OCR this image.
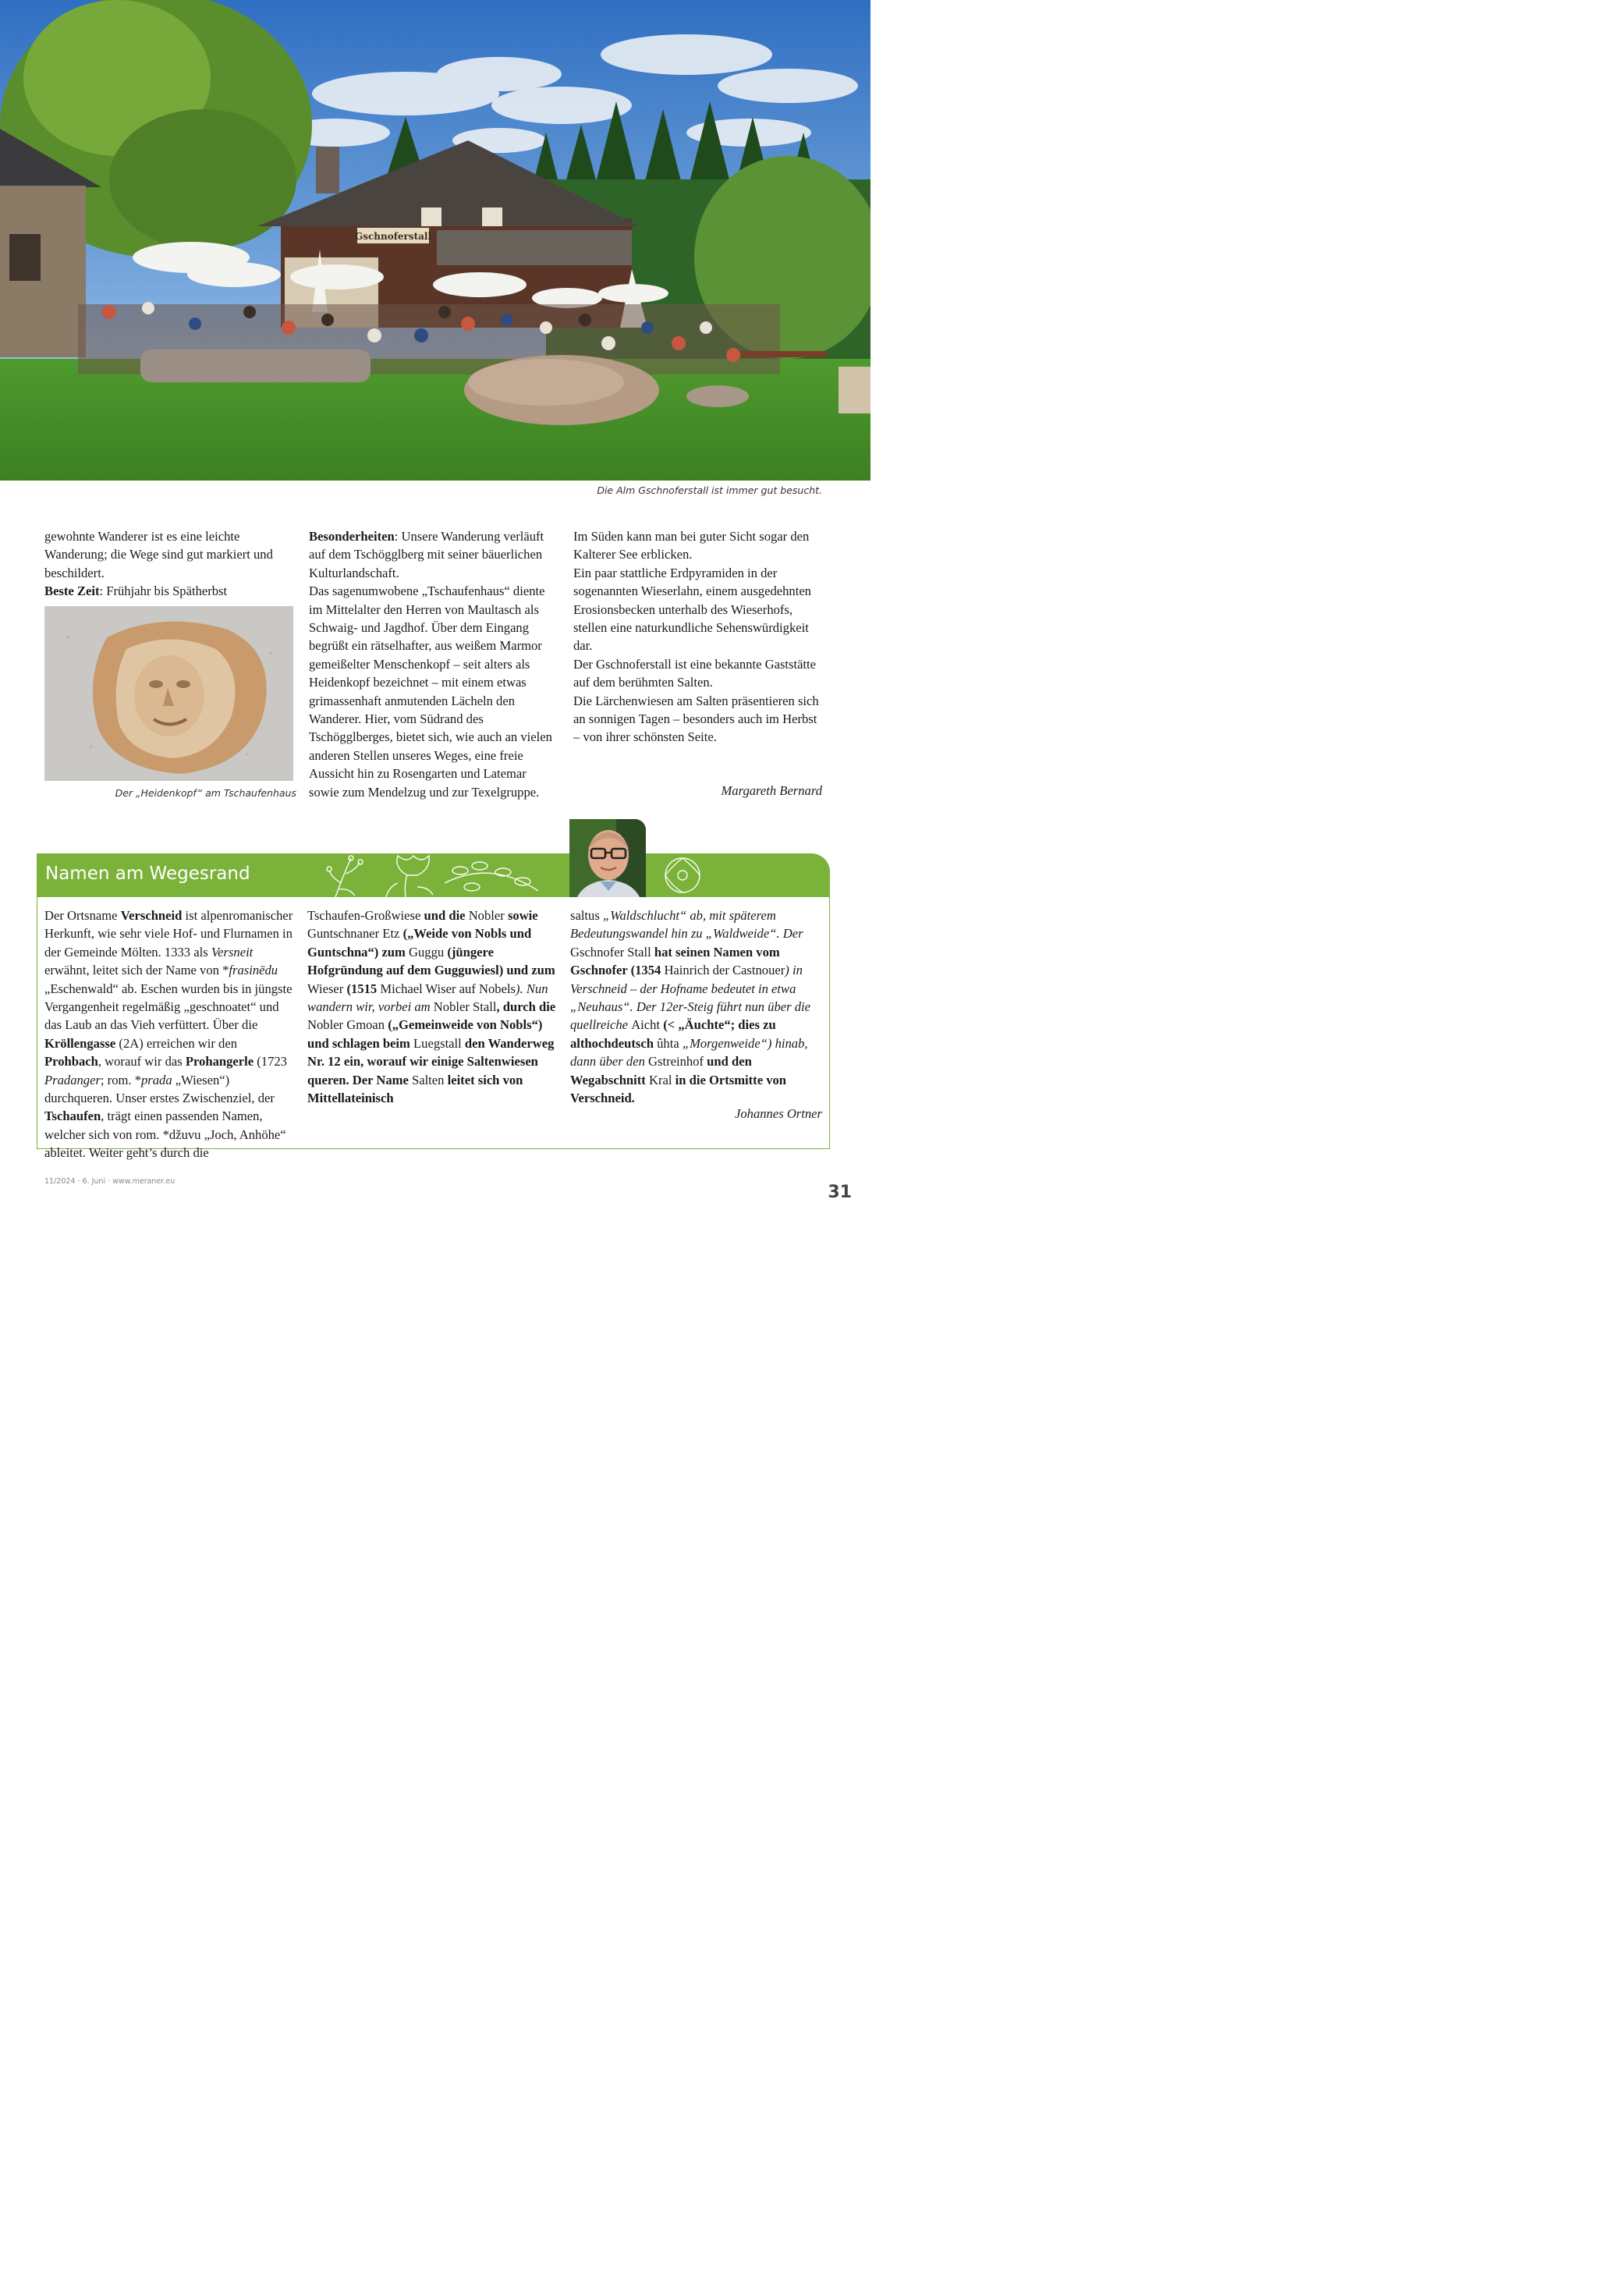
Gschnoferstall
Die Alm Gschnoferstall ist immer gut besucht.

gewohnte Wanderer ist es eine leichte Wanderung; die Wege sind gut markiert und beschildert.

Beste Zeit: Frühjahr bis Spätherbst

Der „Heidenkopf“ am Tschaufenhaus

Besonderheiten: Unsere Wanderung verläuft auf dem Tschögglberg mit seiner bäuerlichen Kulturlandschaft.

Das sagenumwobene „Tschaufenhaus“ diente im Mittelalter den Herren von Maultasch als Schwaig- und Jagdhof. Über dem Eingang begrüßt ein rätselhafter, aus weißem Marmor gemeißelter Menschenkopf – seit alters als Heidenkopf bezeichnet – mit einem etwas grimassenhaft anmutenden Lächeln den Wanderer. Hier, vom Südrand des Tschögglberges, bietet sich, wie auch an vielen anderen Stellen unseres Weges, eine freie Aussicht hin zu Rosengarten und Latemar sowie zum Mendelzug und zur Texelgruppe.

Im Süden kann man bei guter Sicht sogar den Kalterer See erblicken.

Ein paar stattliche Erdpyramiden in der sogenannten Wieserlahn, einem ausgedehnten Erosionsbecken unterhalb des Wieserhofs, stellen eine naturkundliche Sehenswürdigkeit dar.

Der Gschnoferstall ist eine bekannte Gaststätte auf dem berühmten Salten.

Die Lärchenwiesen am Salten präsentieren sich an sonnigen Tagen – besonders auch im Herbst – von ihrer schönsten Seite.

Margareth Bernard
Namen am Wegesrand

Der Ortsname Verschneid ist alpenromanischer Herkunft, wie sehr viele Hof- und Flurnamen in der Gemeinde Mölten. 1333 als Versneit erwähnt, leitet sich der Name von *frasinēdu „Eschenwald“ ab. Eschen wurden bis in jüngste Vergangenheit regelmäßig „geschnoatet“ und das Laub an das Vieh verfüttert. Über die Kröllengasse (2A) erreichen wir den Prohbach, worauf wir das Prohangerle (1723 Pradanger; rom. *prada „Wiesen“) durchqueren. Unser erstes Zwischenziel, der Tschaufen, trägt einen passenden Namen, welcher sich von rom. *džuvu „Joch, Anhöhe“ ableitet. Weiter geht’s durch die

Tschaufen-Großwiese und die Nobler sowie Guntschnaner Etz („Weide von Nobls und Guntschna“) zum Guggu (jüngere Hofgründung auf dem Gugguwiesl) und zum Wieser (1515 Michael Wiser auf Nobels). Nun wandern wir, vorbei am Nobler Stall, durch die Nobler Gmoan („Gemeinweide von Nobls“) und schlagen beim Luegstall den Wanderweg Nr. 12 ein, worauf wir einige Saltenwiesen queren. Der Name Salten leitet sich von Mittellateinisch

saltus „Waldschlucht“ ab, mit späterem Bedeutungswandel hin zu „Waldweide“. Der Gschnofer Stall hat seinen Namen vom Gschnofer (1354 Hainrich der Castnouer) in Verschneid – der Hofname bedeutet in etwa „Neuhaus“. Der 12er-Steig führt nun über die quellreiche Aicht (< „Äuchte“; dies zu althochdeutsch ûhta „Morgenweide“) hinab, dann über den Gstreinhof und den Wegabschnitt Kral in die Ortsmitte von Verschneid.

Johannes Ortner
11/2024 · 6. Juni · www.meraner.eu
31
